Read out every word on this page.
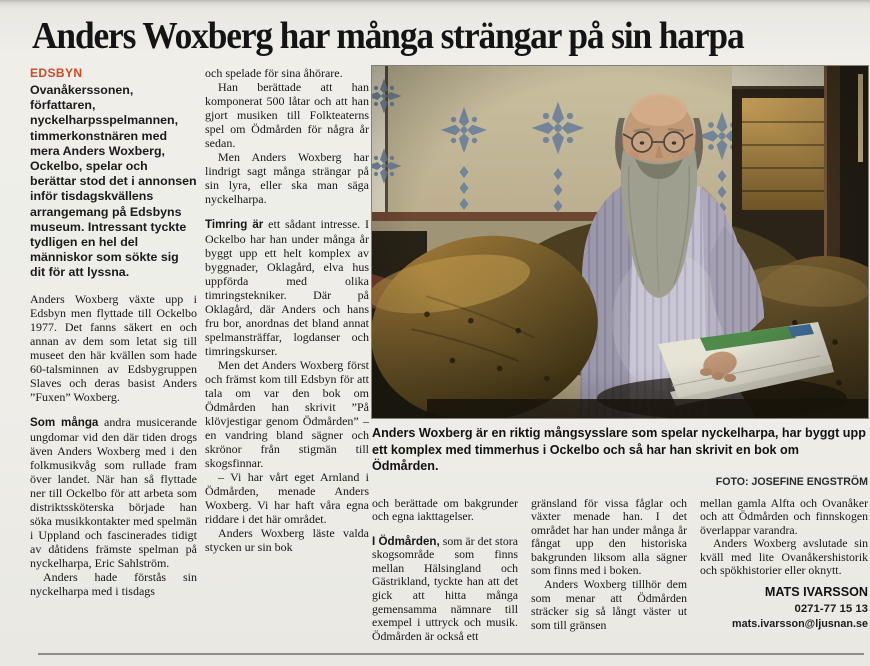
Anders Woxberg har många strängar på sin harpa
EDSBYN

Ovanåkerssonen, författaren, nyckelharpsspelmannen, timmerkonstnären med mera Anders Woxberg, Ockelbo, spelar och berättar stod det i annonsen inför tisdagskvällens arrangemang på Edsbyns museum. Intressant tyckte tydligen en hel del människor som sökte sig dit för att lyssna.

Anders Woxberg växte upp i Edsbyn men flyttade till Ockelbo 1977. Det fanns säkert en och annan av dem som letat sig till museet den här kvällen som hade 60-talsminnen av Edsbygruppen Slaves och deras basist Anders ”Fuxen” Woxberg.

Som många andra musicerande ungdomar vid den där tiden drogs även Anders Woxberg med i den folkmusikvåg som rullade fram över landet. När han så flyttade ner till Ockelbo för att arbeta som distriktssköterska började han söka musikkontakter med spelmän i Uppland och fascinerades tidigt av dåtidens främste spelman på nyckelharpa, Eric Sahlström.

Anders hade förstås sin nyckelharpa med i tisdags

och spelade för sina åhörare.

Han berättade att han komponerat 500 låtar och att han gjort musiken till Folkteaterns spel om Ödmården för några år sedan.

Men Anders Woxberg har lindrigt sagt många strängar på sin lyra, eller ska man säga nyckelharpa.

Timring är ett sådant intresse. I Ockelbo har han under många år byggt upp ett helt komplex av byggnader, Oklagård, elva hus uppförda med olika timringstekniker. Där på Oklagård, där Anders och hans fru bor, anordnas det bland annat spelmansträffar, logdanser och timringskurser.

Men det Anders Woxberg först och främst kom till Edsbyn för att tala om var den bok om Ödmården han skrivit ”På klövjestigar genom Ödmården” – en vandring bland sägner och skrönor från stigmän till skogsfinnar.

– Vi har vårt eget Arnland i Ödmården, menade Anders Woxberg. Vi har haft våra egna riddare i det här området.

Anders Woxberg läste valda stycken ur sin bok

Anders Woxberg är en riktig mångsysslare som spelar nyckelharpa, har byggt upp ett komplex med timmerhus i Ockelbo och så har han skrivit en bok om Ödmården.
FOTO: JOSEFINE ENGSTRÖM

och berättade om bakgrunder och egna iakttagelser.

I Ödmården, som är det stora skogsområde som finns mellan Hälsingland och Gästrikland, tyckte han att det gick att hitta många gemensamma nämnare till exempel i uttryck och musik. Ödmården är också ett

gränsland för vissa fåglar och växter menade han. I det området har han under många år fångat upp den historiska bakgrunden liksom alla sägner som finns med i boken.

Anders Woxberg tillhör dem som menar att Ödmården sträcker sig så långt väster ut som till gränsen

mellan gamla Alfta och Ovanåker och att Ödmården och finnskogen överlappar varandra.

Anders Woxberg avslutade sin kväll med lite Ovanåkershistorik och spökhistorier eller oknytt.

MATS IVARSSON
0271-77 15 13
mats.ivarsson@ljusnan.se
